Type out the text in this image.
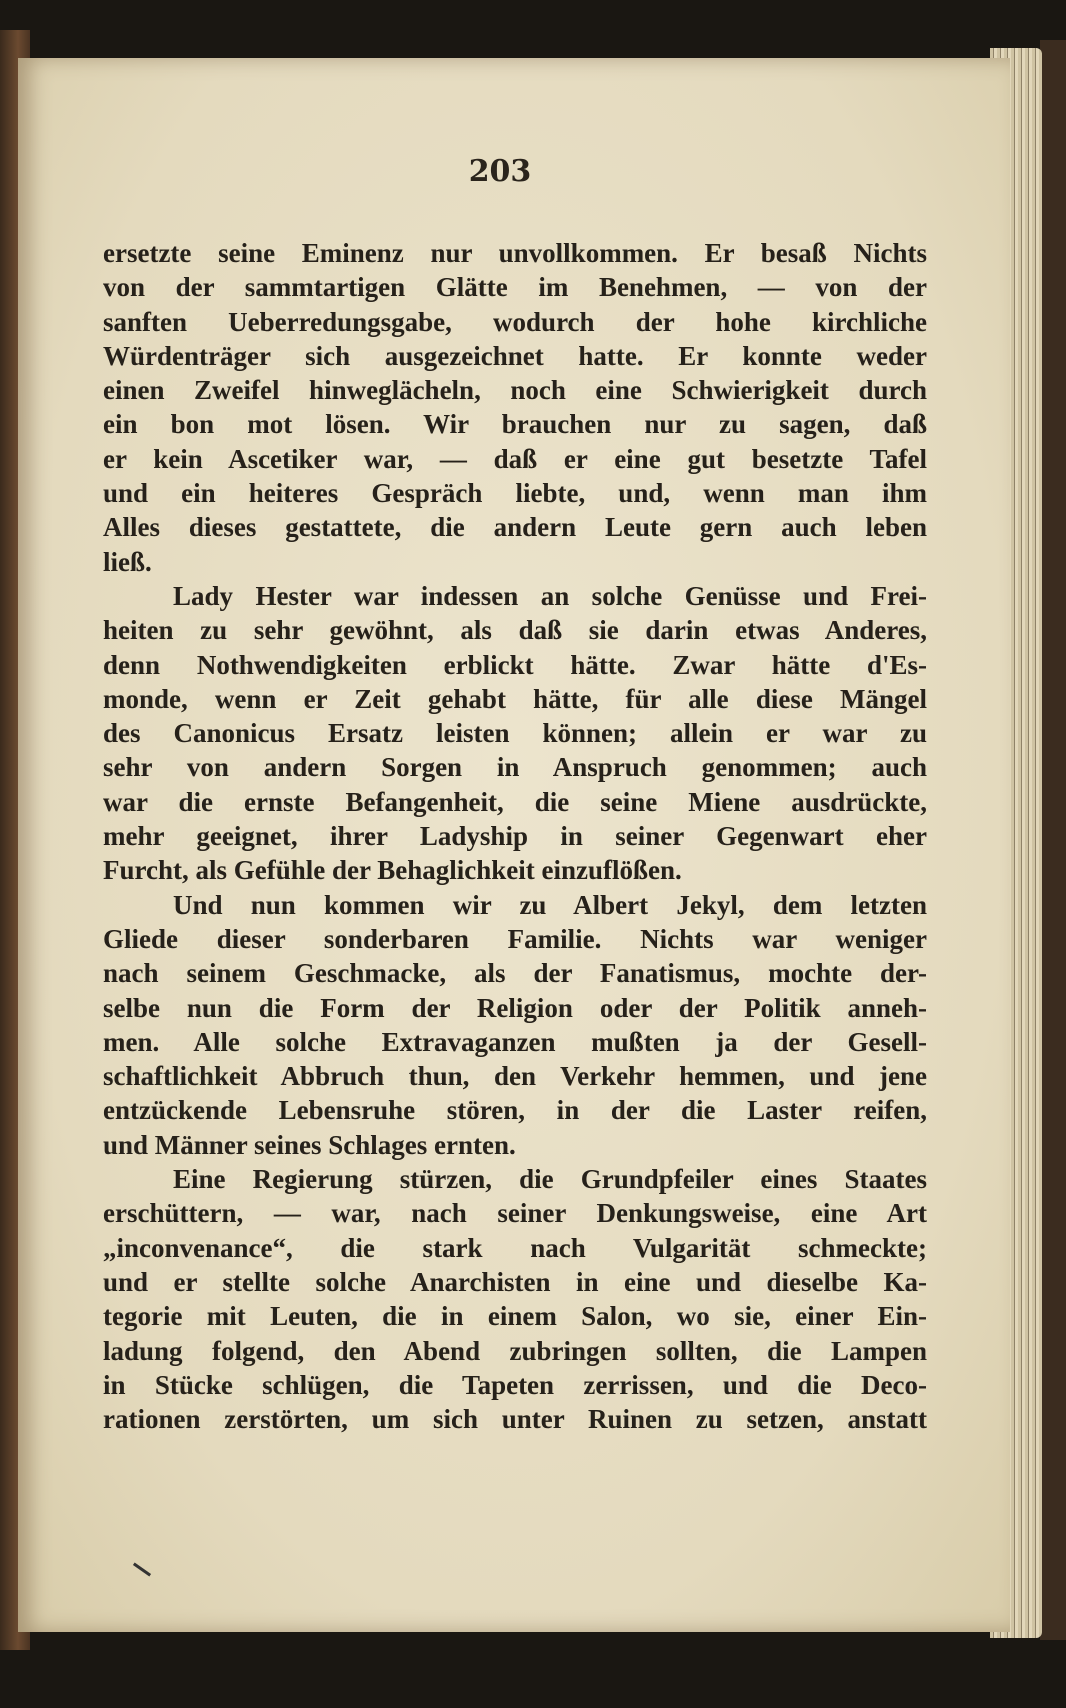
203
ersetzte seine Eminenz nur unvollkommen. Er besaß Nichts
von der sammtartigen Glätte im Benehmen, — von der
sanften Ueberredungsgabe, wodurch der hohe kirchliche
Würdenträger sich ausgezeichnet hatte. Er konnte weder
einen Zweifel hinweglächeln, noch eine Schwierigkeit durch
ein bon mot lösen. Wir brauchen nur zu sagen, daß
er kein Ascetiker war, — daß er eine gut besetzte Tafel
und ein heiteres Gespräch liebte, und, wenn man ihm
Alles dieses gestattete, die andern Leute gern auch leben
ließ.
Lady Hester war indessen an solche Genüsse und Frei-
heiten zu sehr gewöhnt, als daß sie darin etwas Anderes,
denn Nothwendigkeiten erblickt hätte. Zwar hätte d'Es-
monde, wenn er Zeit gehabt hätte, für alle diese Mängel
des Canonicus Ersatz leisten können; allein er war zu
sehr von andern Sorgen in Anspruch genommen; auch
war die ernste Befangenheit, die seine Miene ausdrückte,
mehr geeignet, ihrer Ladyship in seiner Gegenwart eher
Furcht, als Gefühle der Behaglichkeit einzuflößen.
Und nun kommen wir zu Albert Jekyl, dem letzten
Gliede dieser sonderbaren Familie. Nichts war weniger
nach seinem Geschmacke, als der Fanatismus, mochte der-
selbe nun die Form der Religion oder der Politik anneh-
men. Alle solche Extravaganzen mußten ja der Gesell-
schaftlichkeit Abbruch thun, den Verkehr hemmen, und jene
entzückende Lebensruhe stören, in der die Laster reifen,
und Männer seines Schlages ernten.
Eine Regierung stürzen, die Grundpfeiler eines Staates
erschüttern, — war, nach seiner Denkungsweise, eine Art
„inconvenance“, die stark nach Vulgarität schmeckte;
und er stellte solche Anarchisten in eine und dieselbe Ka-
tegorie mit Leuten, die in einem Salon, wo sie, einer Ein-
ladung folgend, den Abend zubringen sollten, die Lampen
in Stücke schlügen, die Tapeten zerrissen, und die Deco-
rationen zerstörten, um sich unter Ruinen zu setzen, anstatt
